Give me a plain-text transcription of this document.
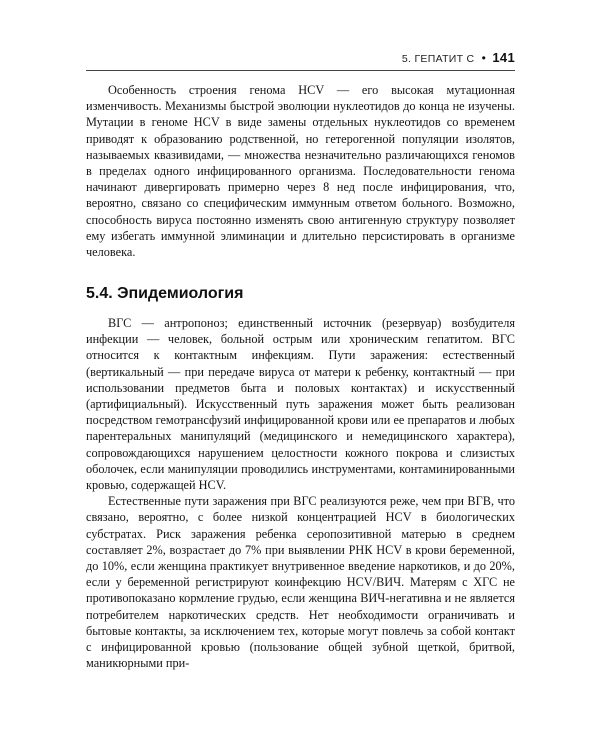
5. ГЕПАТИТ С • 141

Особенность строения генома HCV — его высокая мутационная изменчивость. Механизмы быстрой эволюции нуклеотидов до конца не изучены. Мутации в геноме HCV в виде замены отдельных нуклеотидов со временем приводят к образованию родственной, но гетерогенной популяции изолятов, называемых квазивидами, — множества незначительно различающихся геномов в пределах одного инфицированного организма. Последовательности генома начинают дивергировать примерно через 8 нед после инфицирования, что, вероятно, связано со специфическим иммунным ответом больного. Возможно, способность вируса постоянно изменять свою антигенную структуру позволяет ему избегать иммунной элиминации и длительно персистировать в организме человека.

5.4. Эпидемиология

ВГС — антропоноз; единственный источник (резервуар) возбудителя инфекции — человек, больной острым или хроническим гепатитом. ВГС относится к контактным инфекциям. Пути заражения: естественный (вертикальный — при передаче вируса от матери к ребенку, контактный — при использовании предметов быта и половых контактах) и искусственный (артифициальный). Искусственный путь заражения может быть реализован посредством гемотрансфузий инфицированной крови или ее препаратов и любых парентеральных манипуляций (медицинского и немедицинского характера), сопровождающихся нарушением целостности кожного покрова и слизистых оболочек, если манипуляции проводились инструментами, контаминированными кровью, содержащей HCV.

Естественные пути заражения при ВГС реализуются реже, чем при ВГВ, что связано, вероятно, с более низкой концентрацией HCV в биологических субстратах. Риск заражения ребенка серопозитивной матерью в среднем составляет 2%, возрастает до 7% при выявлении РНК HCV в крови беременной, до 10%, если женщина практикует внутривенное введение наркотиков, и до 20%, если у беременной регистрируют коинфекцию HCV/ВИЧ. Матерям с ХГС не противопоказано кормление грудью, если женщина ВИЧ-негативна и не является потребителем наркотических средств. Нет необходимости ограничивать и бытовые контакты, за исключением тех, которые могут повлечь за собой контакт с инфицированной кровью (пользование общей зубной щеткой, бритвой, маникюрными при-
